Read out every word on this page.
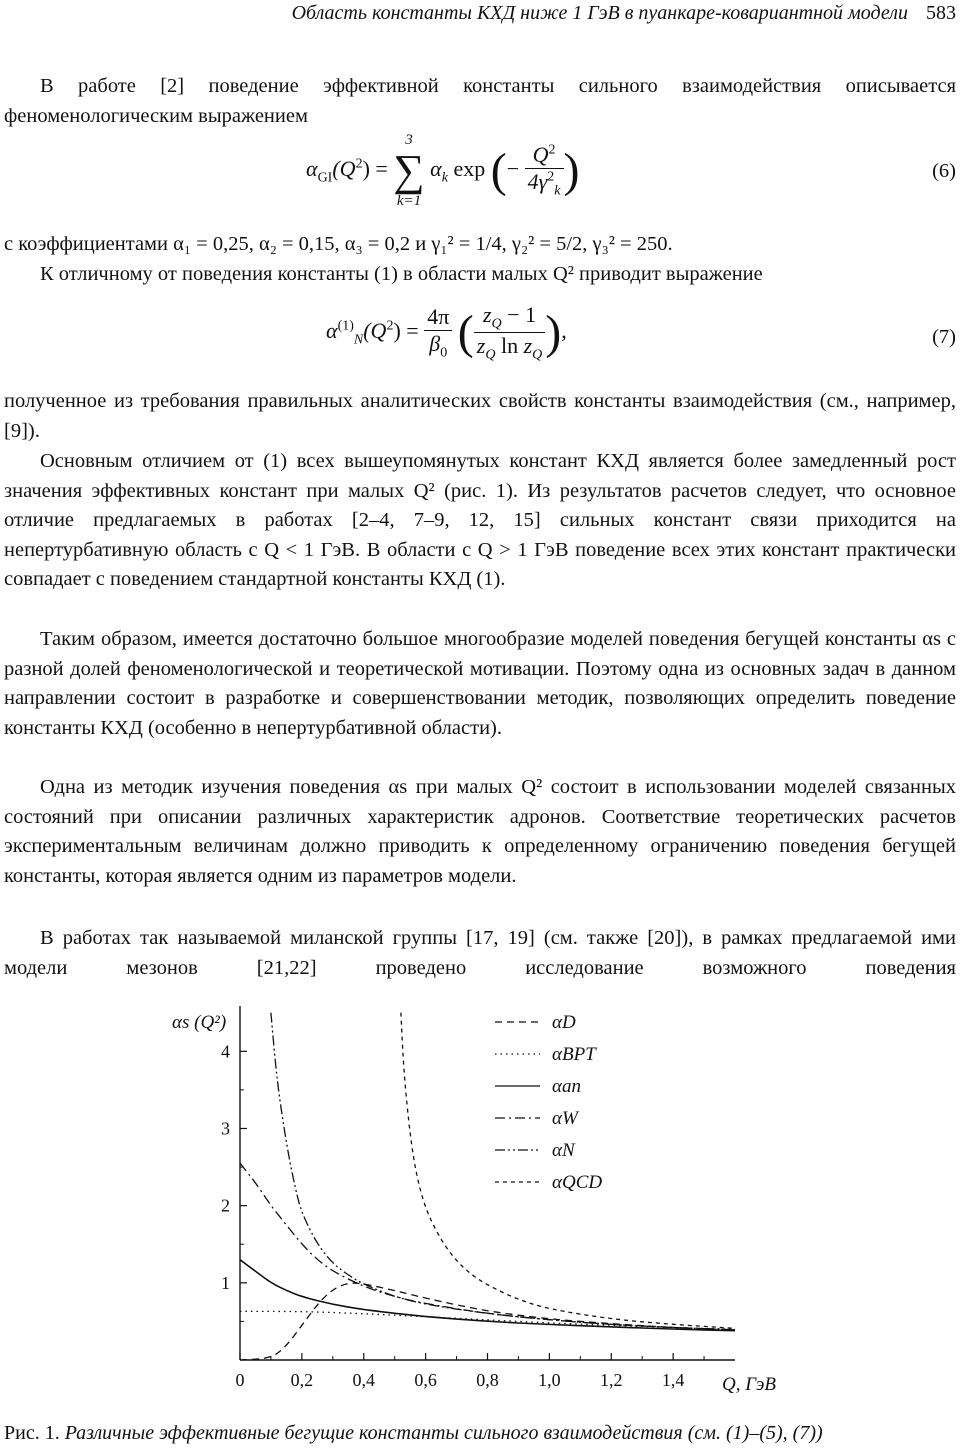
Область константы КХД ниже 1 ГэВ в пуанкаре-ковариантной модели 583
В работе [2] поведение эффективной константы сильного взаимодействия описывается феноменологическим выражением
$\alpha_{GI}(Q^2)$ =
3
∑
k=1
$\alpha_k$ exp (− $\frac{Q^2}{4\gamma^2_k}$ )	(6)
с коэффициентами α₁ = 0,25, α₂ = 0,15, α₃ = 0,2 и γ₁² = 1/4, γ₂² = 5/2, γ₃² = 250.
К отличному от поведения константы (1) в области малых Q² приводит выражение
$\alpha^{(1)}_N(Q^2) = \frac{4\pi}{\beta_0}$ ( $\frac{z_Q - 1}{z_Q \ln z_Q}$ ),	(7)
полученное из требования правильных аналитических свойств константы взаимодействия (см., например, [9]).
Основным отличием от (1) всех вышеупомянутых констант КХД является более замедленный рост значения эффективных констант при малых Q² (рис. 1). Из результатов расчетов следует, что основное отличие предлагаемых в работах [2–4, 7–9, 12, 15] сильных констант связи приходится на непертурбативную область с Q < 1 ГэВ. В области с Q > 1 ГэВ поведение всех этих констант практически совпадает с поведением стандартной константы КХД (1).
Таким образом, имеется достаточно большое многообразие моделей поведения бегущей константы αs с разной долей феноменологической и теоретической мотивации. Поэтому одна из основных задач в данном направлении состоит в разработке и совершенствовании методик, позволяющих определить поведение константы КХД (особенно в непертурбативной области).
Одна из методик изучения поведения αs при малых Q² состоит в использовании моделей связанных состояний при описании различных характеристик адронов. Соответствие теоретических расчетов экспериментальным величинам должно приводить к определенному ограничению поведения бегущей константы, которая является одним из параметров модели.
В работах так называемой миланской группы [17, 19] (см. также [20]), в рамках предлагаемой ими модели мезонов [21,22] проведено исследование возможного поведения
0	0,2 0,4 0,6 0,8 1,0 1,2 1,4
1
2
3
4
αs (Q²)
Q, ГэВ
αD
αBPT
αan
αW
αN
αQCD
Рис. 1. Различные эффективные бегущие константы сильного взаимодействия (см. (1)–(5), (7))
